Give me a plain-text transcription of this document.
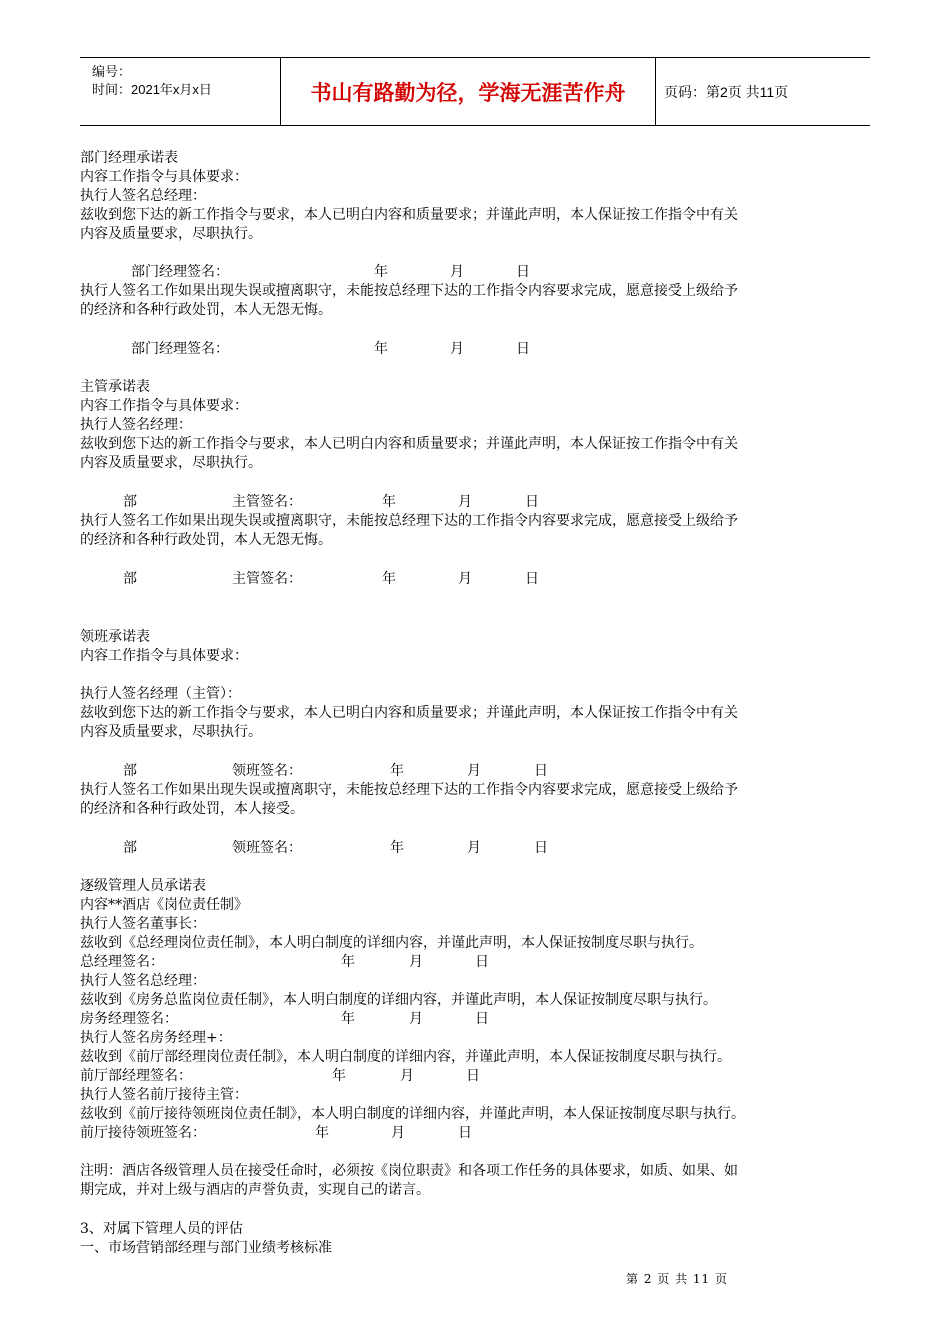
编号：
时间：2021年x月x日	书山有路勤为径，学海无涯苦作舟	页码：第2页 共11页
部门经理承诺表
内容工作指令与具体要求：
执行人签名总经理：
兹收到您下达的新工作指令与要求，本人已明白内容和质量要求；并谨此声明，本人保证按工作指令中有关
内容及质量要求，尽职执行。
部门经理签名：	年	月	日
执行人签名工作如果出现失误或擅离职守，未能按总经理下达的工作指令内容要求完成，愿意接受上级给予
的经济和各种行政处罚，本人无怨无悔。
部门经理签名：	年	月	日
主管承诺表
内容工作指令与具体要求：
执行人签名经理：
兹收到您下达的新工作指令与要求，本人已明白内容和质量要求；并谨此声明，本人保证按工作指令中有关
内容及质量要求，尽职执行。
部	主管签名：	年	月	日
执行人签名工作如果出现失误或擅离职守，未能按总经理下达的工作指令内容要求完成，愿意接受上级给予
的经济和各种行政处罚，本人无怨无悔。
部	主管签名：	年	月	日
领班承诺表
内容工作指令与具体要求：
执行人签名经理（主管）：
兹收到您下达的新工作指令与要求，本人已明白内容和质量要求；并谨此声明，本人保证按工作指令中有关
内容及质量要求，尽职执行。
部	领班签名：	年	月	日
执行人签名工作如果出现失误或擅离职守，未能按总经理下达的工作指令内容要求完成，愿意接受上级给予
的经济和各种行政处罚，本人接受。
部	领班签名：	年	月	日
逐级管理人员承诺表
内容**酒店《岗位责任制》
执行人签名董事长：
兹收到《总经理岗位责任制》，本人明白制度的详细内容，并谨此声明，本人保证按制度尽职与执行。
总经理签名：	年	月	日
执行人签名总经理：
兹收到《房务总监岗位责任制》，本人明白制度的详细内容，并谨此声明，本人保证按制度尽职与执行。
房务经理签名：	年	月	日
执行人签名房务经理+：
兹收到《前厅部经理岗位责任制》，本人明白制度的详细内容，并谨此声明，本人保证按制度尽职与执行。
前厅部经理签名：	年	月	日
执行人签名前厅接待主管：
兹收到《前厅接待领班岗位责任制》，本人明白制度的详细内容，并谨此声明，本人保证按制度尽职与执行。
前厅接待领班签名：	年	月	日
注明：酒店各级管理人员在接受任命时，必须按《岗位职责》和各项工作任务的具体要求，如质、如果、如
期完成，并对上级与酒店的声誉负责，实现自己的诺言。
3、对属下管理人员的评估
一、市场营销部经理与部门业绩考核标准
第 2 页 共 11 页
